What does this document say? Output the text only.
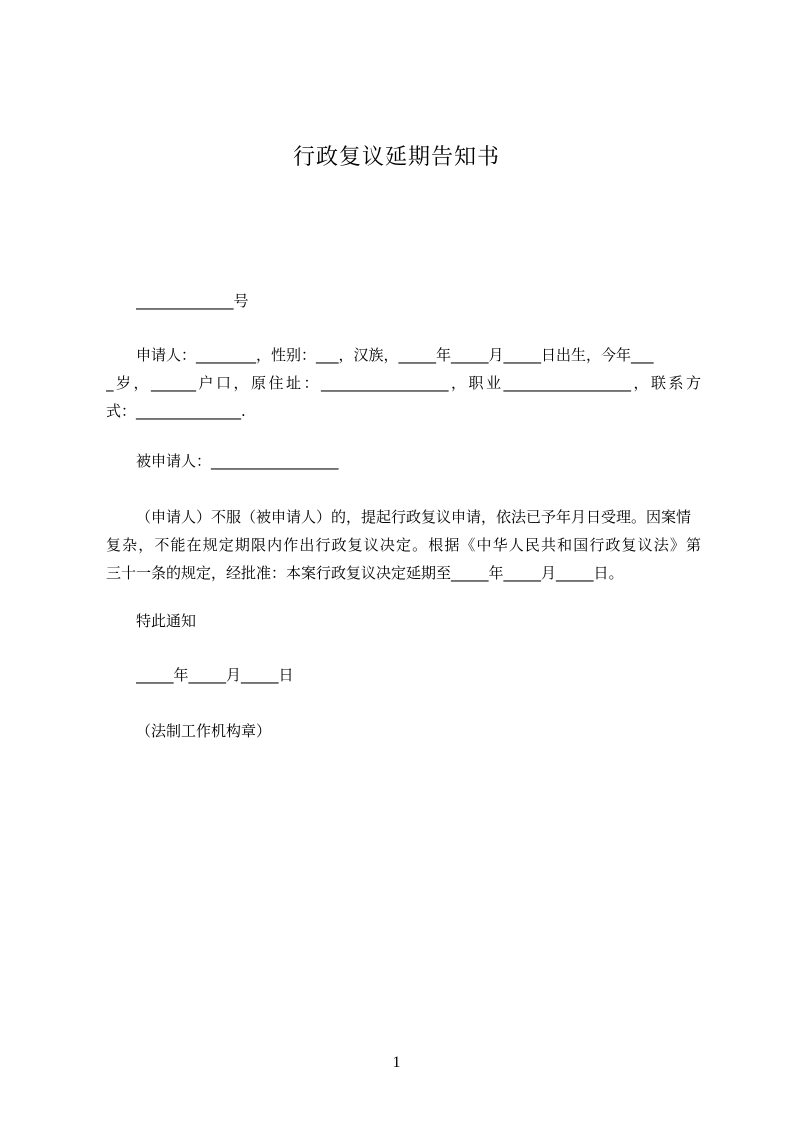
行政复议延期告知书
_____________号
申请人：________，性别：___，汉族，_____年_____月_____日出生，今年___
_岁，______户口，原住址：_________________，职业_________________，联系方
式：______________.
被申请人：_________________
（申请人）不服（被申请人）的，提起行政复议申请，依法已予年月日受理。因案情
复杂，不能在规定期限内作出行政复议决定。根据《中华人民共和国行政复议法》第
三十一条的规定，经批准：本案行政复议决定延期至_____年_____月_____日。
特此通知
_____年_____月_____日
（法制工作机构章）
1
